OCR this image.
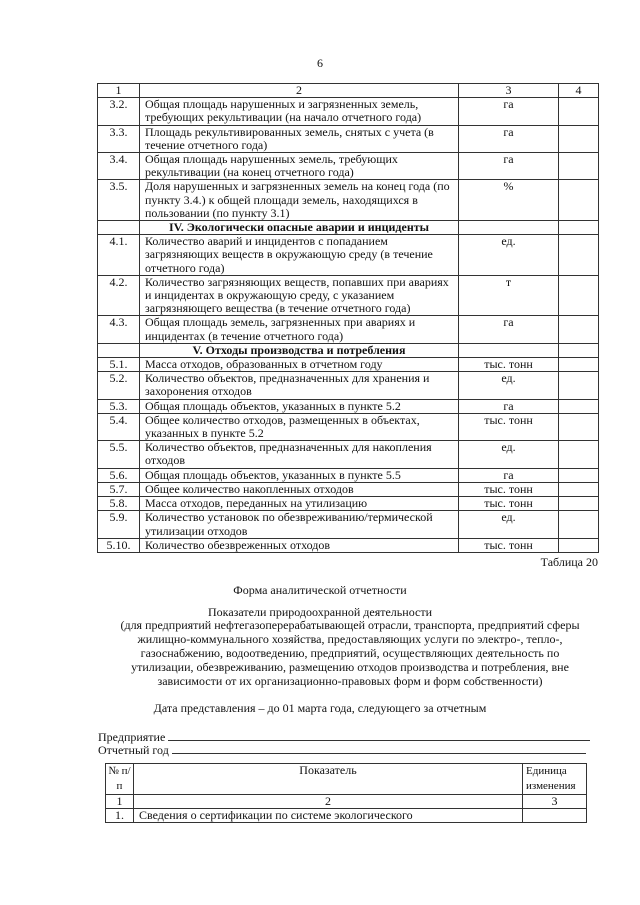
6
1	2	3	4
3.2.	Общая площадь нарушенных и загрязненных земель, требующих рекультивации (на начало отчетного года)	га	
3.3.	Площадь рекультивированных земель, снятых с учета (в течение отчетного года)	га	
3.4.	Общая площадь нарушенных земель, требующих рекультивации (на конец отчетного года)	га	
3.5.	Доля нарушенных и загрязненных земель на конец года (по пункту 3.4.) к общей площади земель, находящихся в пользовании (по пункту 3.1)	%	
	IV. Экологически опасные аварии и инциденты		
4.1.	Количество аварий и инцидентов с попаданием загрязняющих веществ в окружающую среду (в течение отчетного года)	ед.	
4.2.	Количество загрязняющих веществ, попавших при авариях и инцидентах в окружающую среду, с указанием загрязняющего вещества (в течение отчетного года)	т	
4.3.	Общая площадь земель, загрязненных при авариях и инцидентах (в течение отчетного года)	га	
	V. Отходы производства и потребления		
5.1.	Масса отходов, образованных в отчетном году	тыс. тонн	
5.2.	Количество объектов, предназначенных для хранения и захоронения отходов	ед.	
5.3.	Общая площадь объектов, указанных в пункте 5.2	га	
5.4.	Общее количество отходов, размещенных в объектах, указанных в пункте 5.2	тыс. тонн	
5.5.	Количество объектов, предназначенных для накопления отходов	ед.	
5.6.	Общая площадь объектов, указанных в пункте 5.5	га	
5.7.	Общее количество накопленных отходов	тыс. тонн	
5.8.	Масса отходов, переданных на утилизацию	тыс. тонн	
5.9.	Количество установок по обезвреживанию/термической утилизации отходов	ед.	
5.10.	Количество обезвреженных отходов	тыс. тонн	
Таблица 20
Форма аналитической отчетности
Показатели природоохранной деятельности
(для предприятий нефтегазоперерабатывающей отрасли, транспорта, предприятий сферы жилищно-коммунального хозяйства, предоставляющих услуги по электро-, тепло-, газоснабжению, водоотведению, предприятий, осуществляющих деятельность по утилизации, обезвреживанию, размещению отходов производства и потребления, вне зависимости от их организационно-правовых форм и форм собственности)
Дата представления – до 01 марта года, следующего за отчетным
Предприятие
Отчетный год
№ п/п	Показатель	Единица изменения
1	2	3
1.	Сведения о сертификации по системе экологического	
